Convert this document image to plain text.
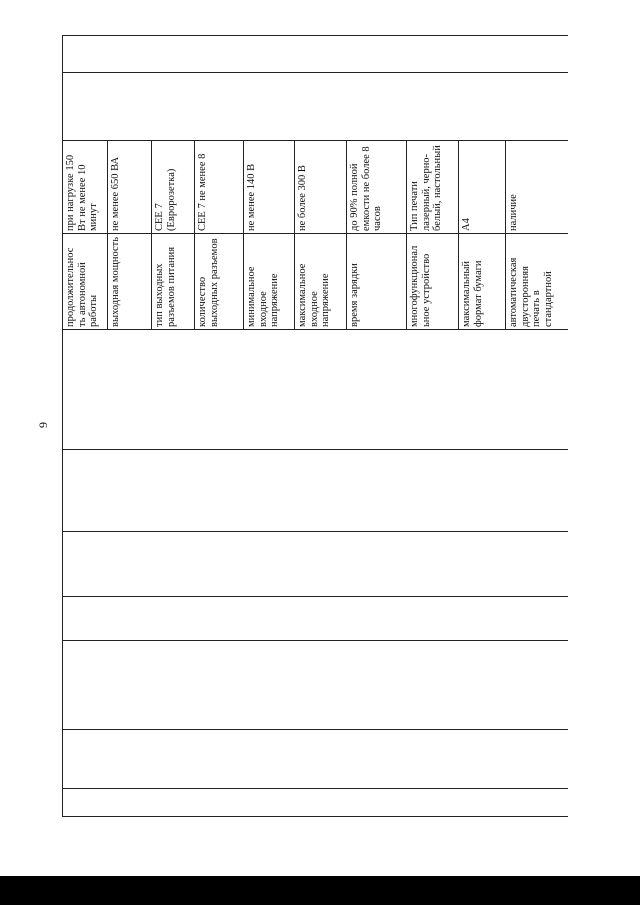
9
продолжительнос ть автономной работы
при нагрузке 150 Вт не менее 10 минут
выходная мощность
не менее 650 ВА
тип выходных разъемов питания
CEE 7 (Евророзетка)
количество выходных разъемов
CEE 7 не менее 8
минимальное входное напряжение
не менее 140 В
максимальное входное напряжение
не более 300 В
время зарядки
до 90% полной емкости не более 8 часов
многофункционал ьное устройство
Тип печати лазерный, черно-белый, настольный
максимальный формат бумаги
А4
автоматическая двусторонняя печать в стандартной
наличие
